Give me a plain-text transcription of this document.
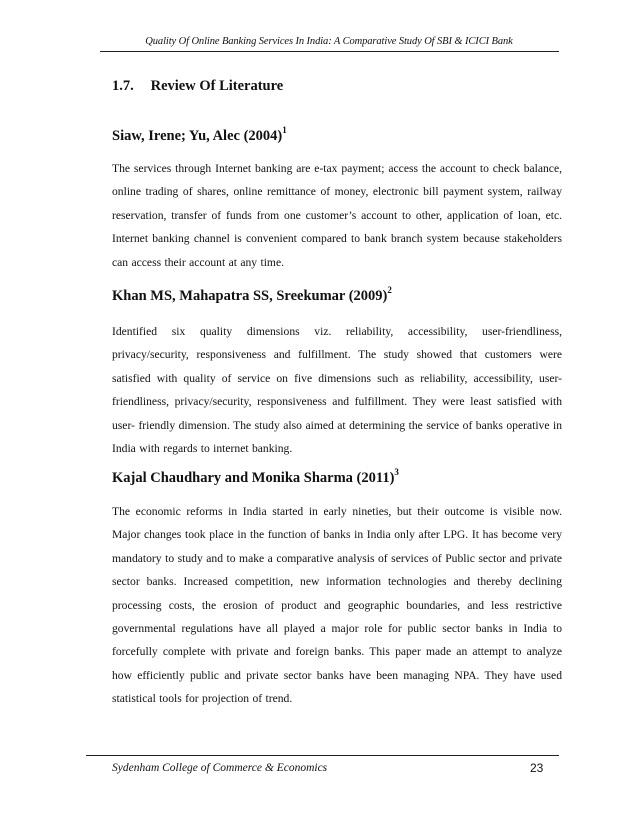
Quality Of Online Banking Services In India: A Comparative Study Of SBI & ICICI Bank
1.7. Review Of Literature
Siaw, Irene; Yu, Alec $(2004)^1$

The services through Internet banking are e-tax payment; access the account to check balance, online trading of shares, online remittance of money, electronic bill payment system, railway reservation, transfer of funds from one customer’s account to other, application of loan, etc. Internet banking channel is convenient compared to bank branch system because stakeholders can access their account at any time.

Khan MS, Mahapatra SS, Sreekumar $(2009)^2$

Identified six quality dimensions viz. reliability, accessibility, user-friendliness, privacy/security, responsiveness and fulfillment. The study showed that customers were satisfied with quality of service on five dimensions such as reliability, accessibility, user-friendliness, privacy/security, responsiveness and fulfillment. They were least satisfied with user- friendly dimension. The study also aimed at determining the service of banks operative in India with regards to internet banking.

Kajal Chaudhary and Monika Sharma $(2011)^3$

The economic reforms in India started in early nineties, but their outcome is visible now. Major changes took place in the function of banks in India only after LPG. It has become very mandatory to study and to make a comparative analysis of services of Public sector and private sector banks. Increased competition, new information technologies and thereby declining processing costs, the erosion of product and geographic boundaries, and less restrictive governmental regulations have all played a major role for public sector banks in India to forcefully complete with private and foreign banks. This paper made an attempt to analyze how efficiently public and private sector banks have been managing NPA. They have used statistical tools for projection of trend.

Sydenham College of Commerce & Economics	23
